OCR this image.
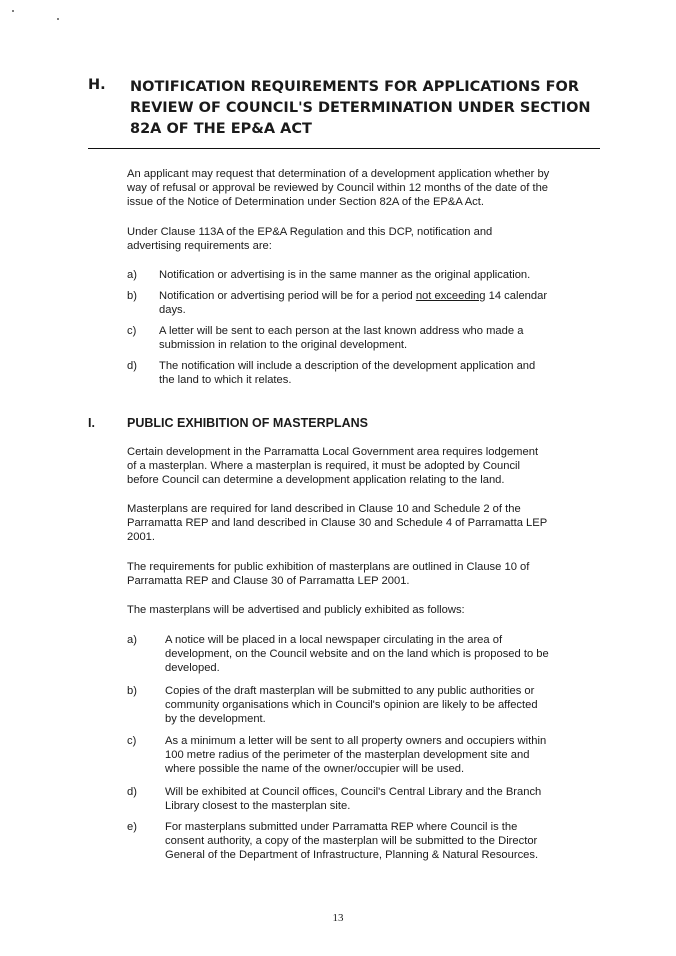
H. NOTIFICATION REQUIREMENTS FOR APPLICATIONS FOR
REVIEW OF COUNCIL'S DETERMINATION UNDER SECTION
82A OF THE EP&A ACT
An applicant may request that determination of a development application whether by
way of refusal or approval be reviewed by Council within 12 months of the date of the
issue of the Notice of Determination under Section 82A of the EP&A Act.
Under Clause 113A of the EP&A Regulation and this DCP, notification and
advertising requirements are:
a) Notification or advertising is in the same manner as the original application.
b) Notification or advertising period will be for a period not exceeding 14 calendar
days.
c) A letter will be sent to each person at the last known address who made a
submission in relation to the original development.
d) The notification will include a description of the development application and
the land to which it relates.
I.	PUBLIC EXHIBITION OF MASTERPLANS
Certain development in the Parramatta Local Government area requires lodgement
of a masterplan. Where a masterplan is required, it must be adopted by Council
before Council can determine a development application relating to the land.
Masterplans are required for land described in Clause 10 and Schedule 2 of the
Parramatta REP and land described in Clause 30 and Schedule 4 of Parramatta LEP
2001.
The requirements for public exhibition of masterplans are outlined in Clause 10 of
Parramatta REP and Clause 30 of Parramatta LEP 2001.
The masterplans will be advertised and publicly exhibited as follows:
a)	A notice will be placed in a local newspaper circulating in the area of
development, on the Council website and on the land which is proposed to be
developed.
b)	Copies of the draft masterplan will be submitted to any public authorities or
community organisations which in Council's opinion are likely to be affected
by the development.
c)	As a minimum a letter will be sent to all property owners and occupiers within
100 metre radius of the perimeter of the masterplan development site and
where possible the name of the owner/occupier will be used.
d)	Will be exhibited at Council offices, Council's Central Library and the Branch
Library closest to the masterplan site.
e)	For masterplans submitted under Parramatta REP where Council is the
consent authority, a copy of the masterplan will be submitted to the Director
General of the Department of Infrastructure, Planning & Natural Resources.
13
